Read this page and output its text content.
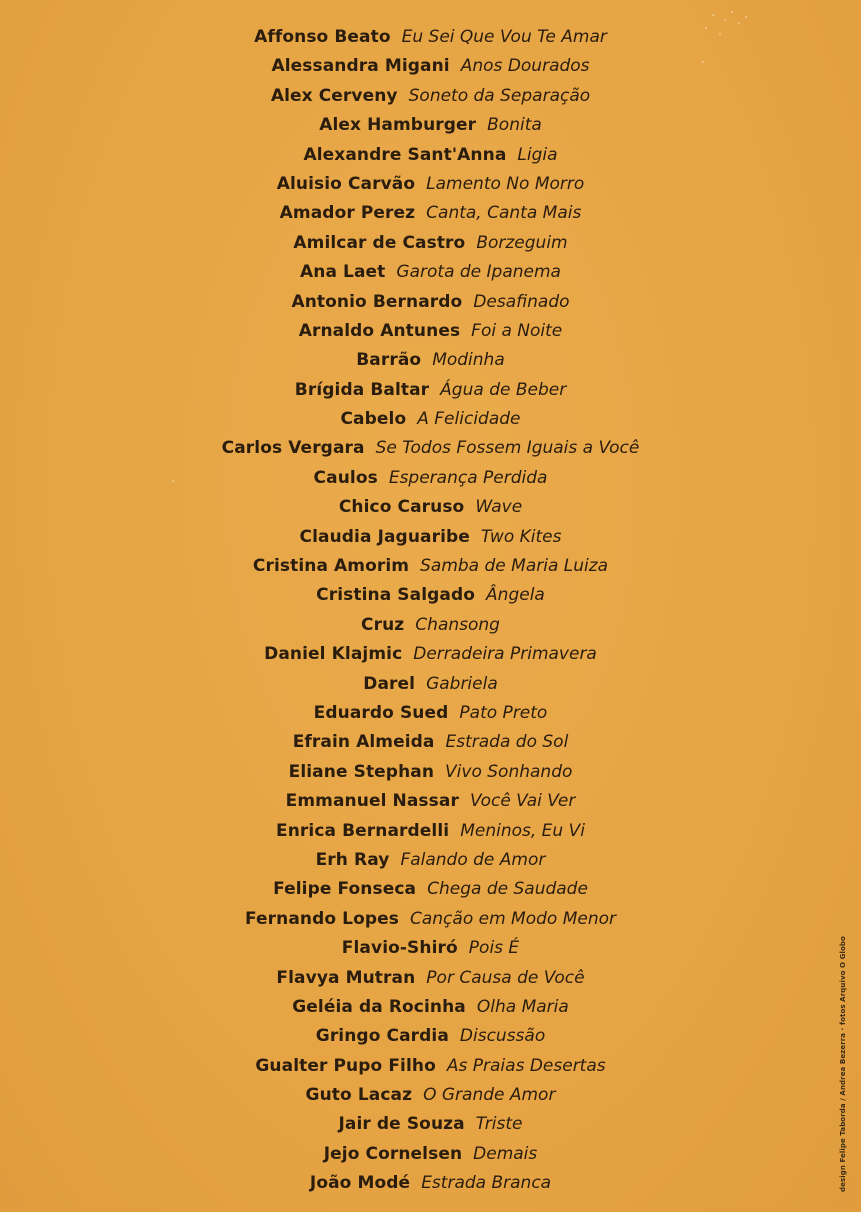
Affonso Beato Eu Sei Que Vou Te Amar
Alessandra Migani Anos Dourados
Alex Cerveny Soneto da Separação
Alex Hamburger Bonita
Alexandre Sant'Anna Ligia
Aluisio Carvão Lamento No Morro
Amador Perez Canta, Canta Mais
Amilcar de Castro Borzeguim
Ana Laet Garota de Ipanema
Antonio Bernardo Desafinado
Arnaldo Antunes Foi a Noite
Barrão Modinha
Brígida Baltar Água de Beber
Cabelo A Felicidade
Carlos Vergara Se Todos Fossem Iguais a Você
Caulos Esperança Perdida
Chico Caruso Wave
Claudia Jaguaribe Two Kites
Cristina Amorim Samba de Maria Luiza
Cristina Salgado Ângela
Cruz Chansong
Daniel Klajmic Derradeira Primavera
Darel Gabriela
Eduardo Sued Pato Preto
Efrain Almeida Estrada do Sol
Eliane Stephan Vivo Sonhando
Emmanuel Nassar Você Vai Ver
Enrica Bernardelli Meninos, Eu Vi
Erh Ray Falando de Amor
Felipe Fonseca Chega de Saudade
Fernando Lopes Canção em Modo Menor
Flavio-Shiró Pois É
Flavya Mutran Por Causa de Você
Geléia da Rocinha Olha Maria
Gringo Cardia Discussão
Gualter Pupo Filho As Praias Desertas
Guto Lacaz O Grande Amor
Jair de Souza Triste
Jejo Cornelsen Demais
João Modé Estrada Branca	design Felipe Taborda / Andrea Bezerra · fotos Arquivo O Globo
